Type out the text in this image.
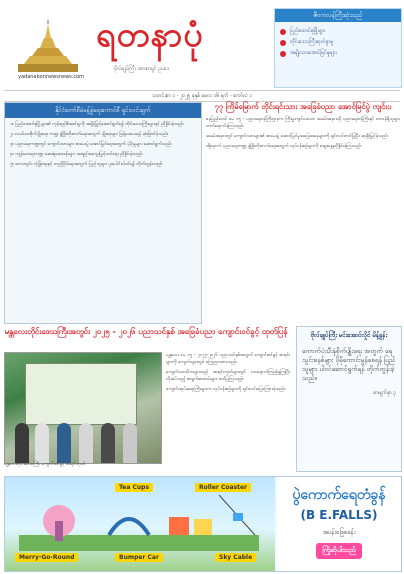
yadanabonnewsnews.com
ရတနာပုံ
ဗိုလ်ချုပ်ကြီး အာဏာရှင် ဥပဒေ
ဇီဝကလန်ကြီးဆုံးသည်
ပြည်ထောင်စုမြို့များ
တိုင်းဒေသကြီးဆုတ်ခွာမှု
အမျိုးသားအောင်မြင်မှုများ
သတင်းစာ ၁ · ၂၀၂၅ ခုနှစ် မေလ ၁၆ ရက် · ကော်လံ ၁
နိုင်ငံတော်စီမံခန့်ခွဲရေးကောင်စီ ရှင်းလင်းချက်

၁။ ပြည်ထောင်စုမြို့များ၏ ကုန်စည်စီးဆင်းမှုကို အရှိန်မြှင့်ဆောင်ရွက်ရန် တိုင်းဒေသကြီးများနှင့် ညှိနှိုင်းခဲ့သည်။

၂။ လယ်ယာစိုက်ပျိုးရေး ကဏ္ဍ ဖွံ့ဖြိုးတိုးတက်ရေးအတွက် မျိုးစေ့များ ဖြန့်ဝေပေးရန် ဆုံးဖြတ်ခဲ့သည်။

၃။ ပညာရေးကဏ္ဍတွင် ကျောင်းသားများ စာမေးပွဲ အောင်မြင်ရေးအတွက် ပံ့ပိုးမှုများ ဆောင်ရွက်သည်။

၄။ ကျန်းမာရေးကဏ္ဍ ဆေးရုံဆေးခန်းများ အရည်အသွေးမြှင့်တင်ရေး ညှိနှိုင်းခဲ့သည်။

၅။ ဒေသတွင်း လုံခြုံရေးနှင့် တည်ငြိမ်ရေးအတွက် ပြည်သူများ ပူးပေါင်းပါဝင်ရန် တိုက်တွန်းသည်။

၇၇ ကြိမ်မြောက် တိုင်းရင်းသား အခြေခံပညာ အောင်မြင်ပွဲ ကျင်းပ

နေပြည်တော် မေ ၁၅ - ပညာရေးဝန်ကြီးဌာနက ကြီးမှူးကျင်းပသော အခမ်းအနားသို့ ပညာရေးဝန်ကြီးနှင့် တာဝန်ရှိသူများ တက်ရောက်ခဲ့ကြသည်။

အခမ်းအနားတွင် ကျောင်းသားများ၏ စာမေးပွဲ အောင်မြင်မှုအခြေအနေများကို ရှင်းလင်းတင်ပြပြီး ဆုချီးမြှင့်ခဲ့သည်။

ထို့နောက် ပညာရေးကဏ္ဍ ဖွံ့ဖြိုးတိုးတက်ရေးအတွက် လုပ်ငန်းစဉ်များကို ဆွေးနွေးညှိနှိုင်းခဲ့ကြသည်။

မန္တလေးတိုင်းဒေသကြီးအတွင်း ၂၀၂၅ - ၂၀၂၆ ပညာသင်နှစ် အခြေခံပညာ ကျောင်းဝင်ခွင့် ထုတ်ပြန်

မန္တလေး မေ ၁၅ - ၂၀၂၅-၂၀၂၆ ပညာသင်နှစ်အတွက် ကျောင်းဝင်ခွင့် စာရင်းများကို ကျောင်းများတွင် ကြေညာထားသည်။

ကျောင်းသားမိဘများသည် စာရင်းဘုတ်များတွင် လာရောက်ကြည့်ရှုကြပြီး လိုအပ်သည့် စာရွက်စာတမ်းများ တင်ပြကြသည်။

ကျောင်းအုပ်ဆရာကြီးများက လုပ်ငန်းစဉ်များကို ရှင်းလင်းပြောကြားခဲ့သည်။

မန္တလေးတိုင်းဒေသကြီး ကျောင်းဝင်ခွင့် စာရင်းဘုတ်
ဗိုလ်ချုပ်ကြီး မင်းအောင်လှိုင် မိန့်ခွန်း
ကောက်ပဲသီးနှံစိုက်ပျိုးရေး အတွက် ရေသွင်းစနစ်များ ပိုမိုကောင်းမွန်စေရန် ပြည်သူများ ပါဝင်ဆောင်ရွက်ရန် တိုက်တွန်းခဲ့သည်။
စာမျက်နှာ ၃
Tea Cups	Roller Coaster
Merry-Go-Round	Bumper Car	Sky Cable
ပွဲကောက်ရေတံခွန်
(B E.FALLS)
အပန်းဖြေစခန်း
ကြိုဆိုပါသည်
